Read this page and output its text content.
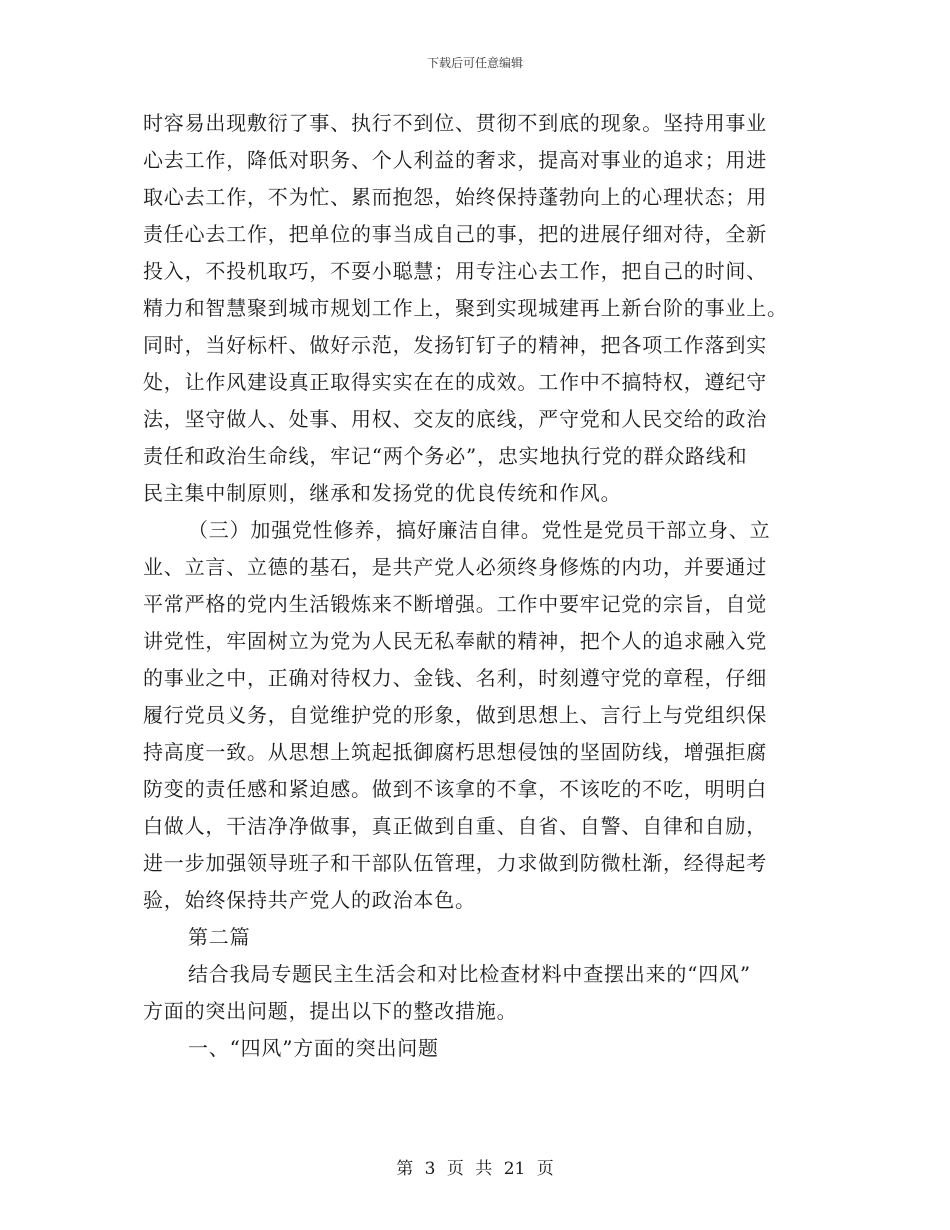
下载后可任意编辑
时容易出现敷衍了事、执行不到位、贯彻不到底的现象。坚持用事业
心去工作，降低对职务、个人利益的奢求，提高对事业的追求；用进
取心去工作，不为忙、累而抱怨，始终保持蓬勃向上的心理状态；用
责任心去工作，把单位的事当成自己的事，把的进展仔细对待，全新
投入，不投机取巧，不耍小聪慧；用专注心去工作，把自己的时间、
精力和智慧聚到城市规划工作上，聚到实现城建再上新台阶的事业上。
同时，当好标杆、做好示范，发扬钉钉子的精神，把各项工作落到实
处，让作风建设真正取得实实在在的成效。工作中不搞特权，遵纪守
法，坚守做人、处事、用权、交友的底线，严守党和人民交给的政治
责任和政治生命线，牢记“两个务必”，忠实地执行党的群众路线和
民主集中制原则，继承和发扬党的优良传统和作风。
（三）加强党性修养，搞好廉洁自律。党性是党员干部立身、立
业、立言、立德的基石，是共产党人必须终身修炼的内功，并要通过
平常严格的党内生活锻炼来不断增强。工作中要牢记党的宗旨，自觉
讲党性，牢固树立为党为人民无私奉献的精神，把个人的追求融入党
的事业之中，正确对待权力、金钱、名利，时刻遵守党的章程，仔细
履行党员义务，自觉维护党的形象，做到思想上、言行上与党组织保
持高度一致。从思想上筑起抵御腐朽思想侵蚀的坚固防线，增强拒腐
防变的责任感和紧迫感。做到不该拿的不拿，不该吃的不吃，明明白
白做人，干洁净净做事，真正做到自重、自省、自警、自律和自励，
进一步加强领导班子和干部队伍管理，力求做到防微杜渐，经得起考
验，始终保持共产党人的政治本色。
第二篇
结合我局专题民主生活会和对比检查材料中查摆出来的“四风”
方面的突出问题，提出以下的整改措施。
一、“四风”方面的突出问题
第 3 页 共 21 页
